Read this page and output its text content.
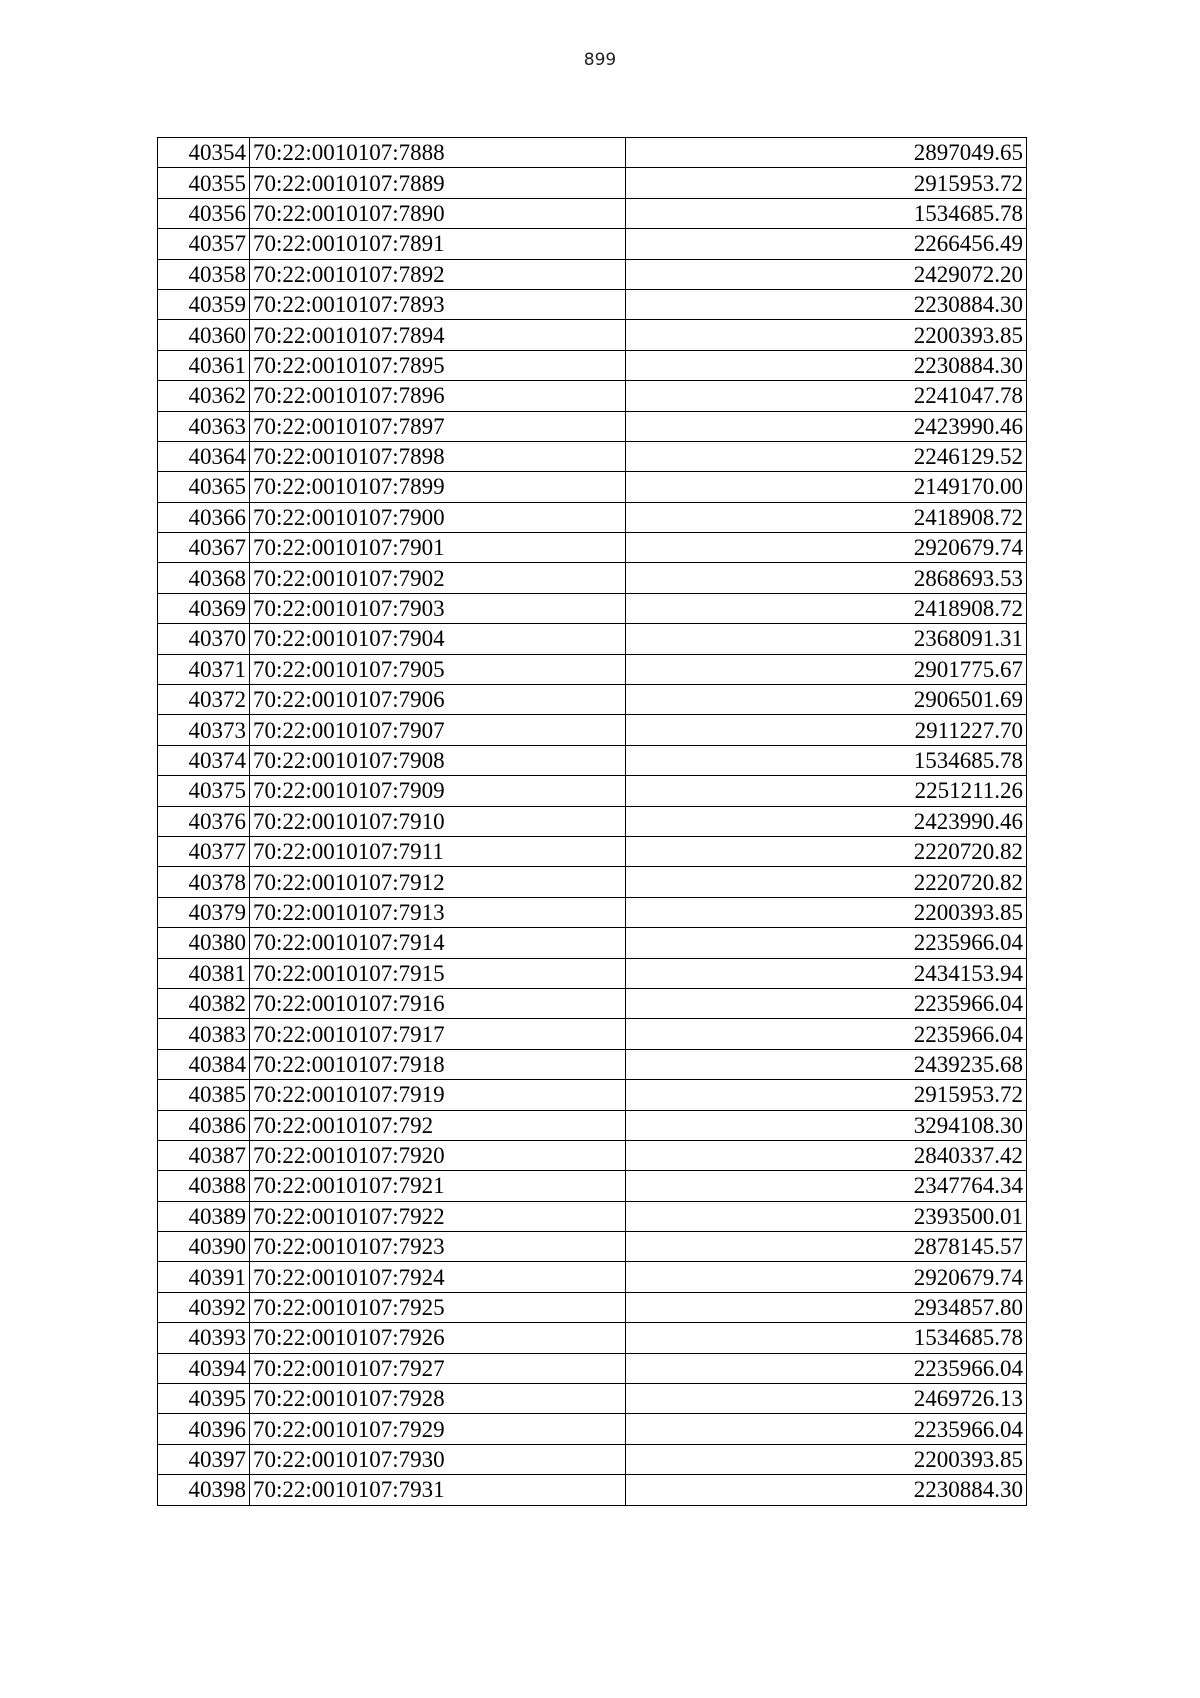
899
40354	70:22:0010107:7888	2897049.65
40355	70:22:0010107:7889	2915953.72
40356	70:22:0010107:7890	1534685.78
40357	70:22:0010107:7891	2266456.49
40358	70:22:0010107:7892	2429072.20
40359	70:22:0010107:7893	2230884.30
40360	70:22:0010107:7894	2200393.85
40361	70:22:0010107:7895	2230884.30
40362	70:22:0010107:7896	2241047.78
40363	70:22:0010107:7897	2423990.46
40364	70:22:0010107:7898	2246129.52
40365	70:22:0010107:7899	2149170.00
40366	70:22:0010107:7900	2418908.72
40367	70:22:0010107:7901	2920679.74
40368	70:22:0010107:7902	2868693.53
40369	70:22:0010107:7903	2418908.72
40370	70:22:0010107:7904	2368091.31
40371	70:22:0010107:7905	2901775.67
40372	70:22:0010107:7906	2906501.69
40373	70:22:0010107:7907	2911227.70
40374	70:22:0010107:7908	1534685.78
40375	70:22:0010107:7909	2251211.26
40376	70:22:0010107:7910	2423990.46
40377	70:22:0010107:7911	2220720.82
40378	70:22:0010107:7912	2220720.82
40379	70:22:0010107:7913	2200393.85
40380	70:22:0010107:7914	2235966.04
40381	70:22:0010107:7915	2434153.94
40382	70:22:0010107:7916	2235966.04
40383	70:22:0010107:7917	2235966.04
40384	70:22:0010107:7918	2439235.68
40385	70:22:0010107:7919	2915953.72
40386	70:22:0010107:792	3294108.30
40387	70:22:0010107:7920	2840337.42
40388	70:22:0010107:7921	2347764.34
40389	70:22:0010107:7922	2393500.01
40390	70:22:0010107:7923	2878145.57
40391	70:22:0010107:7924	2920679.74
40392	70:22:0010107:7925	2934857.80
40393	70:22:0010107:7926	1534685.78
40394	70:22:0010107:7927	2235966.04
40395	70:22:0010107:7928	2469726.13
40396	70:22:0010107:7929	2235966.04
40397	70:22:0010107:7930	2200393.85
40398	70:22:0010107:7931	2230884.30
